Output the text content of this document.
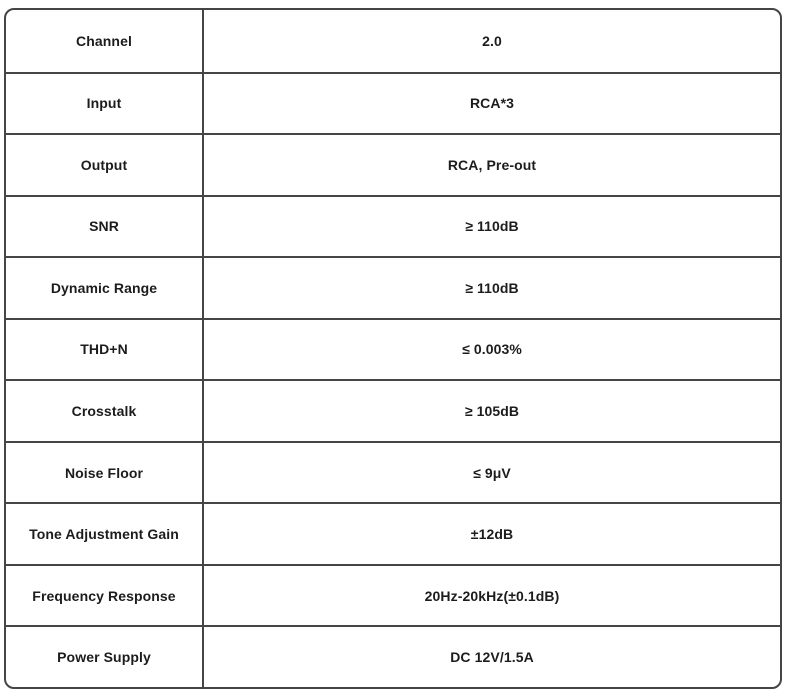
Channel	2.0
Input	RCA*3
Output	RCA, Pre-out
SNR	≥ 110dB
Dynamic Range	≥ 110dB
THD+N	≤ 0.003%
Crosstalk	≥ 105dB
Noise Floor	≤ 9μV
Tone Adjustment Gain	±12dB
Frequency Response	20Hz-20kHz(±0.1dB)
Power Supply	DC 12V/1.5A
